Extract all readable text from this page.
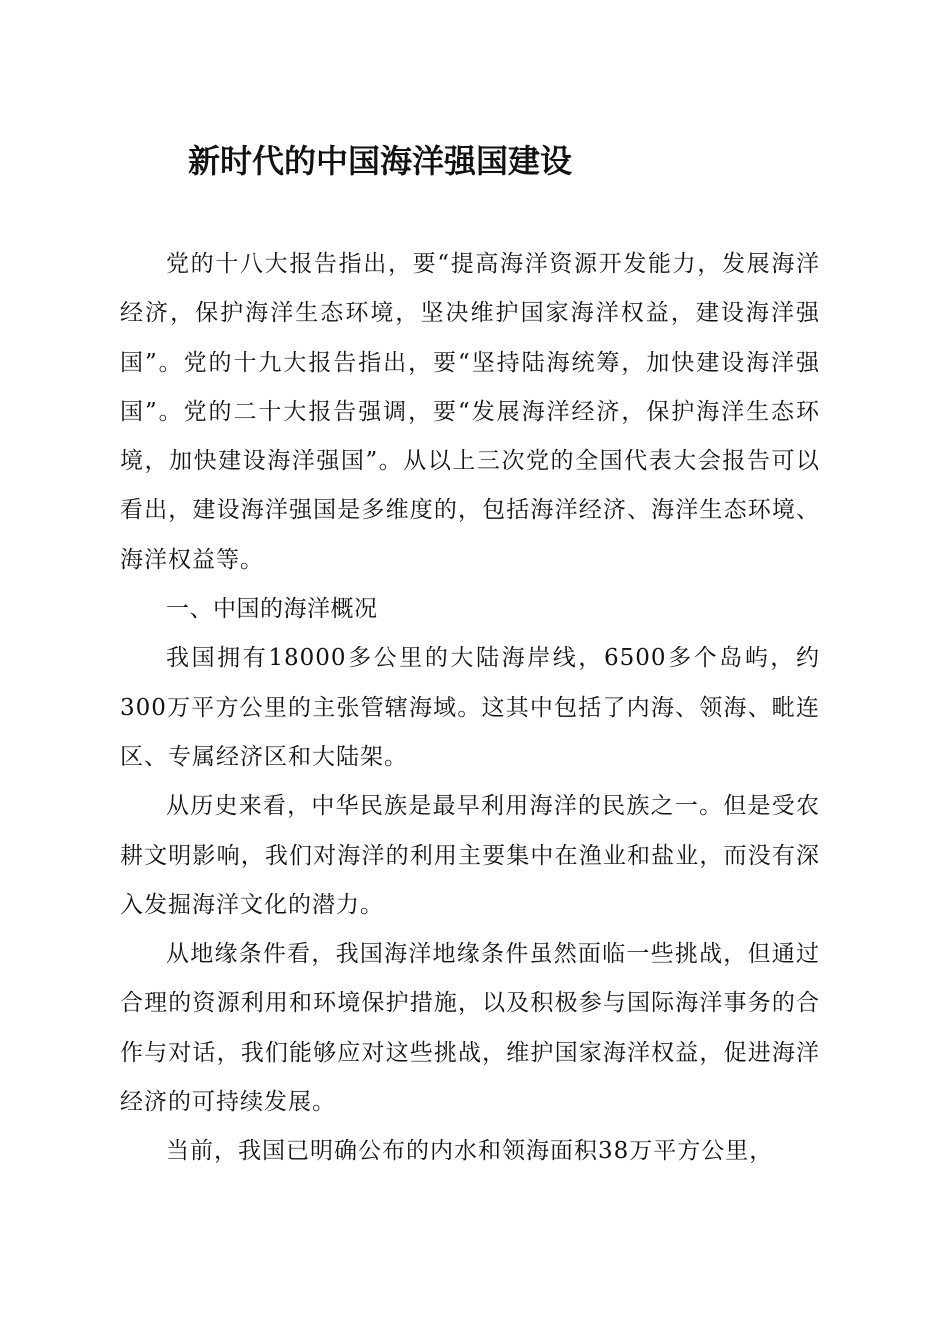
新时代的中国海洋强国建设

党的十八大报告指出，要“提高海洋资源开发能力，发展海洋经济，保护海洋生态环境，坚决维护国家海洋权益，建设海洋强国”。党的十九大报告指出，要“坚持陆海统筹，加快建设海洋强国”。党的二十大报告强调，要“发展海洋经济，保护海洋生态环境，加快建设海洋强国”。从以上三次党的全国代表大会报告可以看出，建设海洋强国是多维度的，包括海洋经济、海洋生态环境、海洋权益等。

一、中国的海洋概况

我国拥有18000多公里的大陆海岸线，6500多个岛屿，约300万平方公里的主张管辖海域。这其中包括了内海、领海、毗连区、专属经济区和大陆架。

从历史来看，中华民族是最早利用海洋的民族之一。但是受农耕文明影响，我们对海洋的利用主要集中在渔业和盐业，而没有深入发掘海洋文化的潜力。

从地缘条件看，我国海洋地缘条件虽然面临一些挑战，但通过合理的资源利用和环境保护措施，以及积极参与国际海洋事务的合作与对话，我们能够应对这些挑战，维护国家海洋权益，促进海洋经济的可持续发展。

当前，我国已明确公布的内水和领海面积38万平方公里，
